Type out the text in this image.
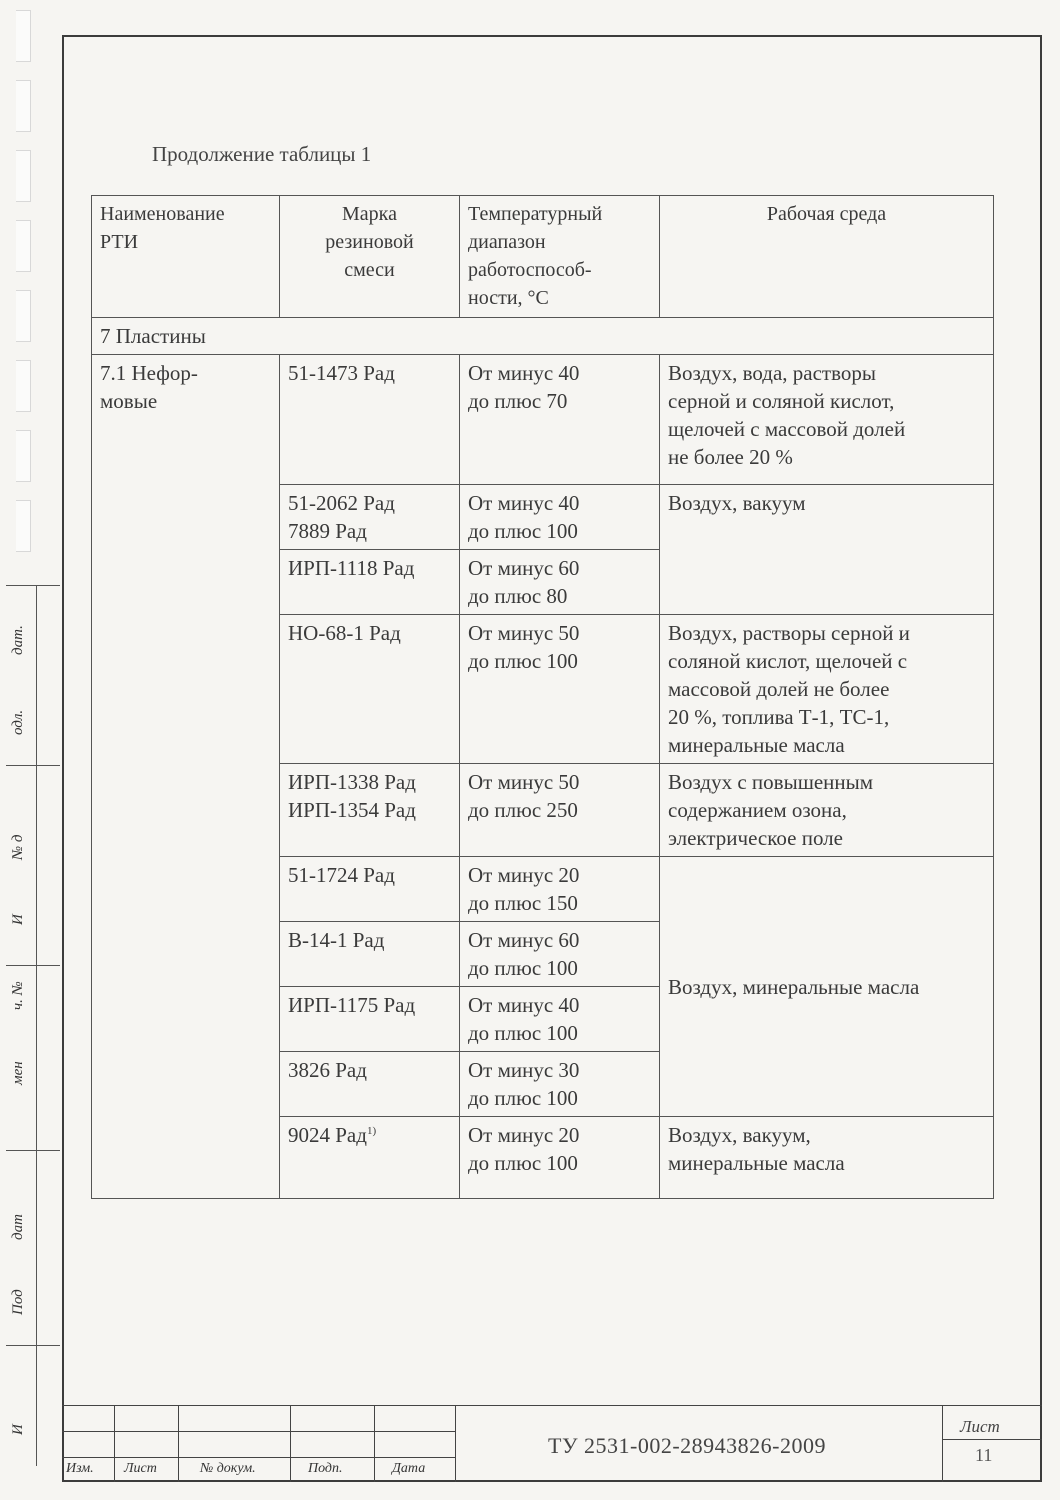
дат.
одл.
№ д
И
ч. №
мен
дат
Под
И
Продолжение таблицы 1
Наименование
РТИ	Марка
резиновой
смеси	Температурный
диапазон
работоспособ-
ности, °С	Рабочая среда
7 Пластины			
7.1 Нефор-
мовые	51-1473 Рад	От минус 40
до плюс 70	Воздух, вода, растворы
серной и соляной кислот,
щелочей с массовой долей
не более 20 %
	51-2062 Рад
7889 Рад	От минус 40
до плюс 100	Воздух, вакуум
	ИРП-1118 Рад	От минус 60
до плюс 80	
	НО-68-1 Рад	От минус 50
до плюс 100	Воздух, растворы серной и
соляной кислот, щелочей с
массовой долей не более
20 %, топлива Т-1, ТС-1,
минеральные масла
	ИРП-1338 Рад
ИРП-1354 Рад	От минус 50
до плюс 250	Воздух с повышенным
содержанием озона,
электрическое поле
	51-1724 Рад	От минус 20
до плюс 150	Воздух, минеральные масла
	В-14-1 Рад	От минус 60
до плюс 100	
	ИРП-1175 Рад	От минус 40
до плюс 100	
	3826 Рад	От минус 30
до плюс 100	
	9024 Рад$^{1)}$	От минус 20
до плюс 100	Воздух, вакуум,
минеральные масла
Изм. Лист	№ докум.	Подп.	Дата
ТУ 2531-002-28943826-2009
Лист
11
